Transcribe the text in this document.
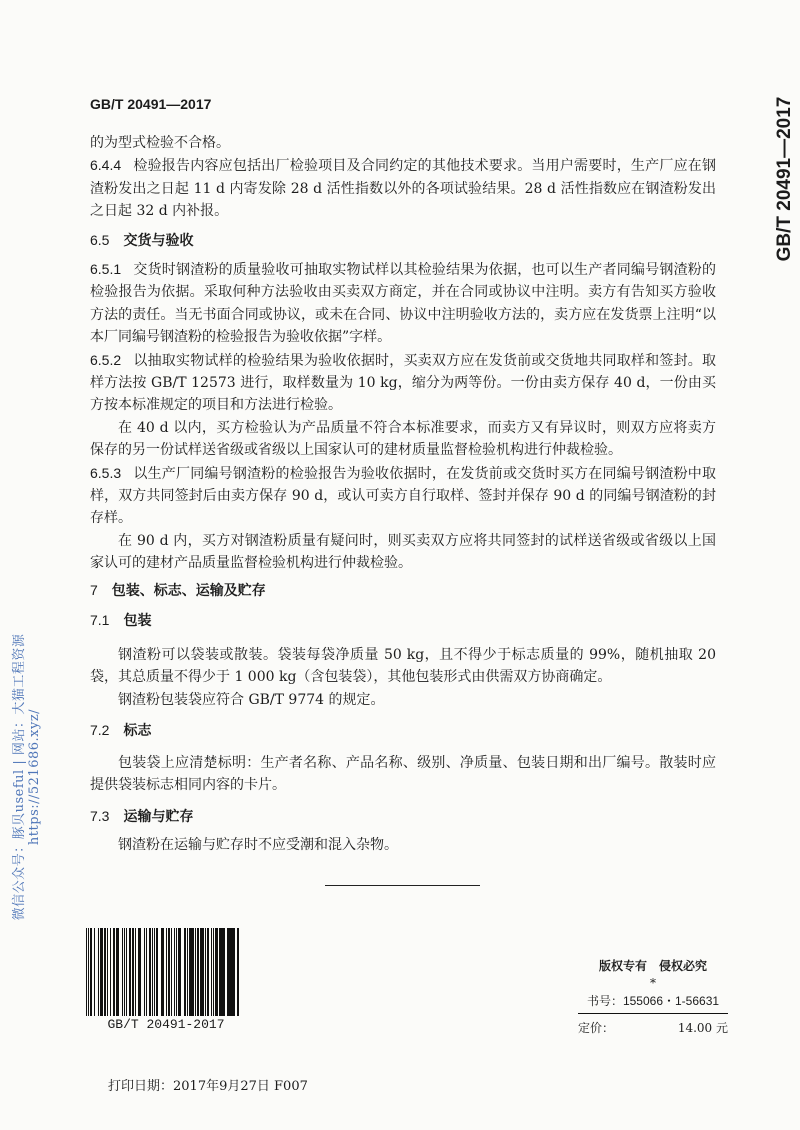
GB/T 20491—2017	GB/T 20491—2017
微信公众号：豚贝useful | 网站：大猫工程资源 https://521686.xyz/

的为型式检验不合格。

6.4.4 检验报告内容应包括出厂检验项目及合同约定的其他技术要求。当用户需要时，生产厂应在钢渣粉发出之日起 11 d 内寄发除 28 d 活性指数以外的各项试验结果。28 d 活性指数应在钢渣粉发出之日起 32 d 内补报。

6.5 交货与验收

6.5.1 交货时钢渣粉的质量验收可抽取实物试样以其检验结果为依据，也可以生产者同编号钢渣粉的检验报告为依据。采取何种方法验收由买卖双方商定，并在合同或协议中注明。卖方有告知买方验收方法的责任。当无书面合同或协议，或未在合同、协议中注明验收方法的，卖方应在发货票上注明“以本厂同编号钢渣粉的检验报告为验收依据”字样。

6.5.2 以抽取实物试样的检验结果为验收依据时，买卖双方应在发货前或交货地共同取样和签封。取样方法按 GB/T 12573 进行，取样数量为 10 kg，缩分为两等份。一份由卖方保存 40 d，一份由买方按本标准规定的项目和方法进行检验。

在 40 d 以内，买方检验认为产品质量不符合本标准要求，而卖方又有异议时，则双方应将卖方保存的另一份试样送省级或省级以上国家认可的建材质量监督检验机构进行仲裁检验。

6.5.3 以生产厂同编号钢渣粉的检验报告为验收依据时，在发货前或交货时买方在同编号钢渣粉中取样，双方共同签封后由卖方保存 90 d，或认可卖方自行取样、签封并保存 90 d 的同编号钢渣粉的封存样。

在 90 d 内，买方对钢渣粉质量有疑问时，则买卖双方应将共同签封的试样送省级或省级以上国家认可的建材产品质量监督检验机构进行仲裁检验。

7 包装、标志、运输及贮存
7.1 包装

钢渣粉可以袋装或散装。袋装每袋净质量 50 kg，且不得少于标志质量的 99%，随机抽取 20 袋，其总质量不得少于 1 000 kg（含包装袋），其他包装形式由供需双方协商确定。

钢渣粉包装袋应符合 GB/T 9774 的规定。

7.2 标志

包装袋上应清楚标明：生产者名称、产品名称、级别、净质量、包装日期和出厂编号。散装时应提供袋装标志相同内容的卡片。

7.3 运输与贮存

钢渣粉在运输与贮存时不应受潮和混入杂物。

GB/T 20491-2017
版权专有　侵权必究
*
书号：155066・1-56631
定价：	14.00 元
打印日期：2017年9月27日 F007
